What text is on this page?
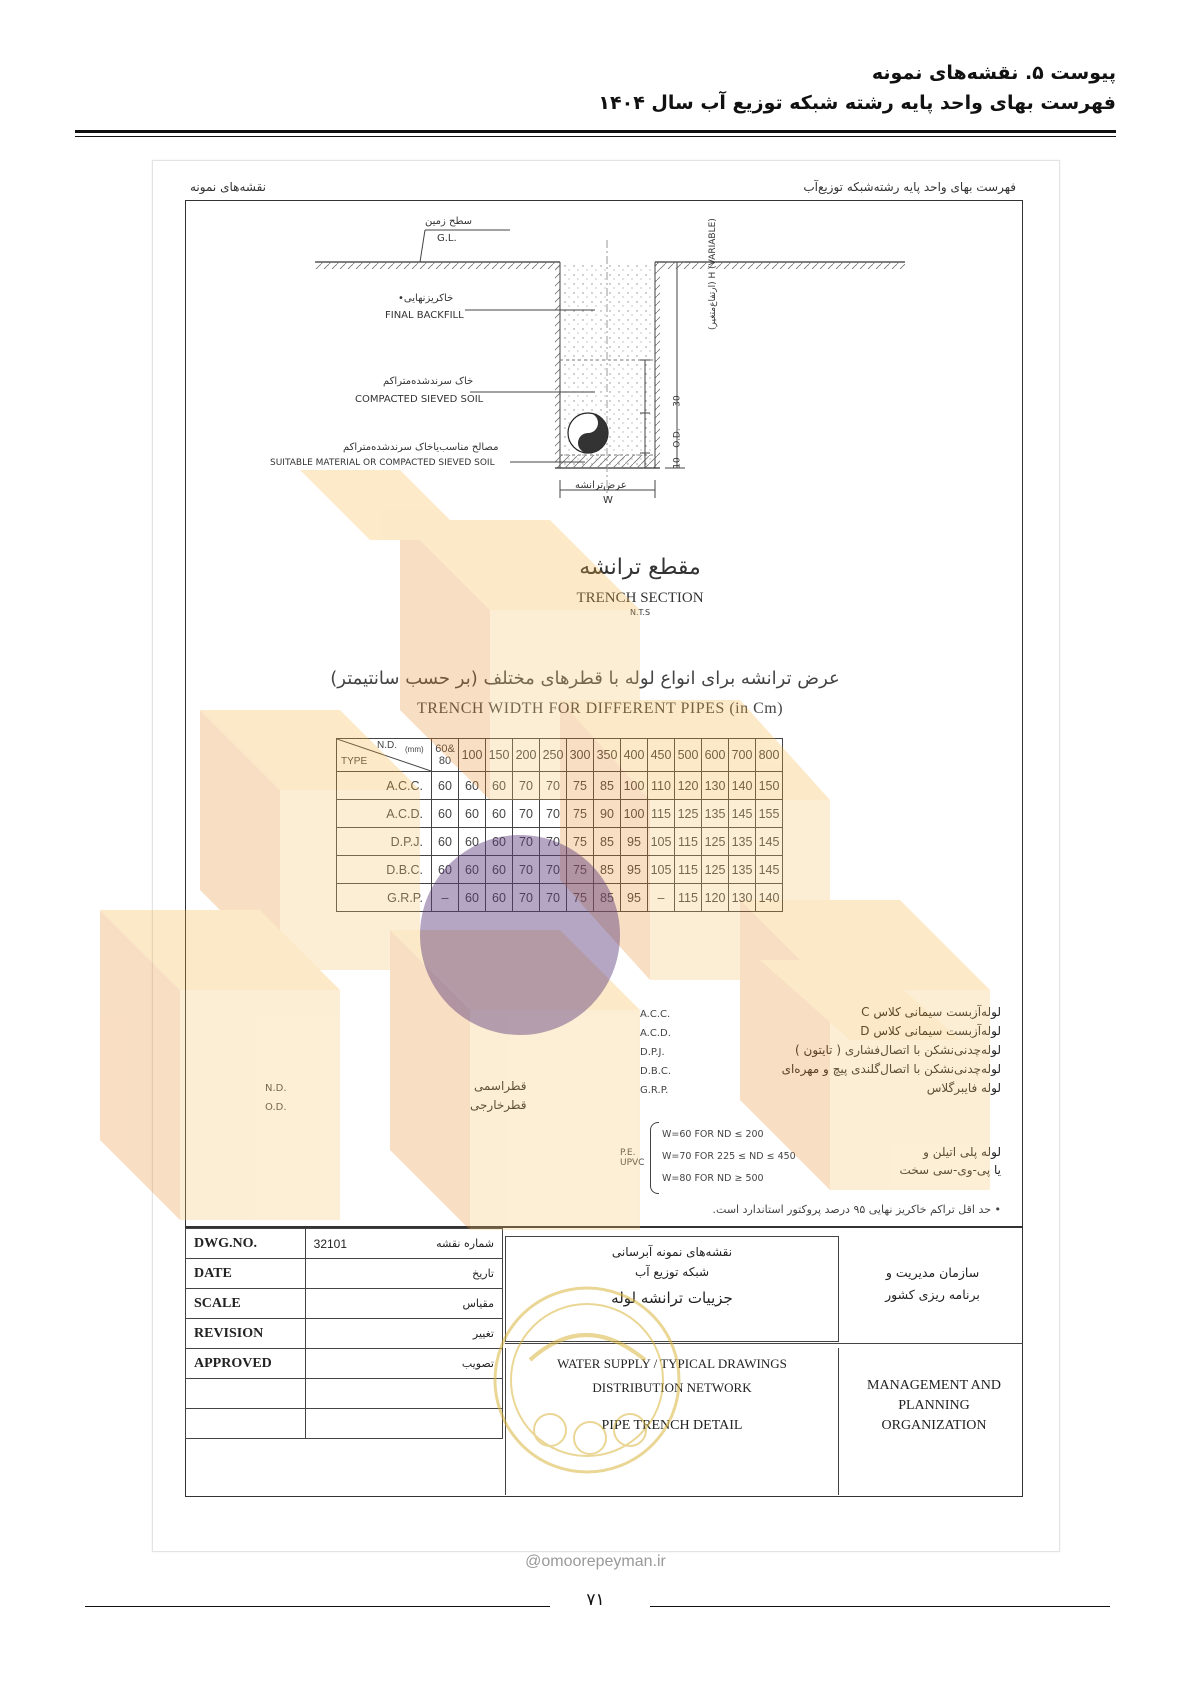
پیوست ۵. نقشه‌های نمونه
فهرست بهای واحد پایه رشته شبکه توزیع آب سال ۱۴۰۴
نقشه‌های نمونه	فهرست بهای واحد پایه رشته‌شبکه توزیع‌آب
سطح زمین
G.L.
خاکریزنهایی•
FINAL BACKFILL
خاک سرندشده‌متراکم
COMPACTED SIEVED SOIL
مصالح مناسب‌یاخاک سرندشده‌متراکم
SUITABLE MATERIAL OR COMPACTED SIEVED SOIL
(ارتفاع‌متغیر) H (VARIABLE)
30
O.D.
10
عرض‌ترانشه
W
مقطع ترانشه
TRENCH SECTION
N.T.S
عرض ترانشه برای انواع لوله با قطرهای مختلف (بر حسب سانتیمتر)
TRENCH WIDTH FOR DIFFERENT PIPES (in Cm)
N.D. (mm)
TYPE	60& 80	100	150	200	250	300	350	400	450	500	600	700	800
A.C.C.	60	60	60	70	70	75	85	100	110	120	130	140	150
A.C.D.	60	60	60	70	70	75	90	100	115	125	135	145	155
D.P.J.	60	60	60	70	70	75	85	95	105	115	125	135	145
D.B.C.	60	60	60	70	70	75	85	95	105	115	125	135	145
G.R.P.	–	60	60	70	70	75	85	95	–	115	120	130	140
A.C.C.
A.C.D.
D.P.J.
D.B.C.
G.R.P.
لوله‌آزبست سیمانی‌ کلاس C
لوله‌آزبست سیمانی کلاس D
لوله‌چدنی‌نشکن با اتصال‌فشاری ( تایتون )
لوله‌چدنی‌نشکن با اتصال‌گلندی پیچ و مهره‌ای
لوله فایبرگلاس
N.D.
O.D.
قطراسمی
قطرخارجی
P.E. UPVC
W=60 FOR ND ≤ 200
W=70 FOR 225 ≤ ND ≤ 450
W=80 FOR ND ≥ 500
لوله پلی اتیلن و
یا پی-وی-سی سخت
• حد اقل تراکم خاکریز نهایی ۹۵ درصد پروکتور استاندارد است.
DWG.NO.	32101	شماره نقشه
DATE		تاریخ
SCALE		مقیاس
REVISION		تغییر
APPROVED		تصویب

نقشه‌های نمونه آبرسانی
شبکه توزیع آب
جزییات ترانشه لوله
WATER SUPPLY / TYPICAL DRAWINGS
DISTRIBUTION NETWORK
PIPE TRENCH DETAIL
سازمان مدیریت و
برنامه ریزی کشور
MANAGEMENT AND
PLANNING
ORGANIZATION
@omoorepeyman.ir
۷۱
